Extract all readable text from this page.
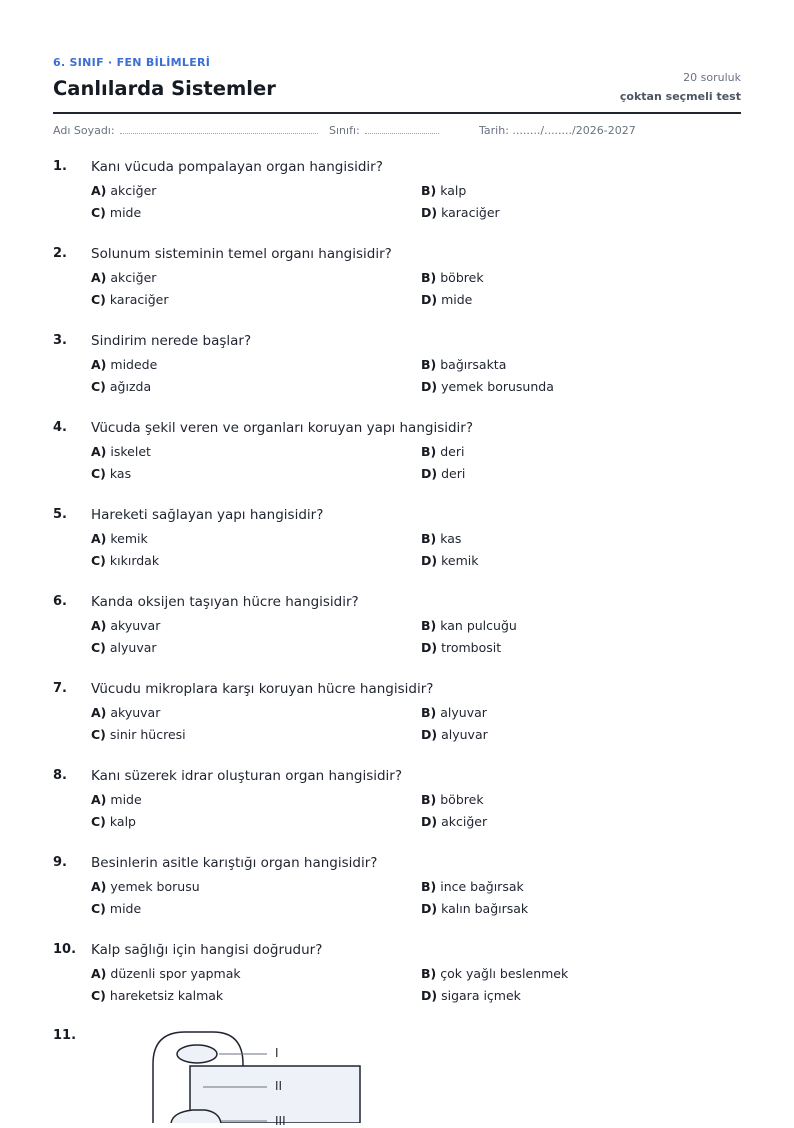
6. SINIF · FEN BİLİMLERİ
Canlılarda Sistemler	20 soruluk
çoktan seçmeli test
Adı Soyadı:	Sınıfı:	Tarih: ......../......../2026-2027
1. Kanı vücuda pompalayan organ hangisidir?
A) akciğer	B) kalp
C) mide	D) karaciğer
2. Solunum sisteminin temel organı hangisidir?
A) akciğer	B) böbrek
C) karaciğer	D) mide
3. Sindirim nerede başlar?
A) midede	B) bağırsakta
C) ağızda	D) yemek borusunda
4. Vücuda şekil veren ve organları koruyan yapı hangisidir?
A) iskelet	B) deri
C) kas	D) deri
5. Hareketi sağlayan yapı hangisidir?
A) kemik	B) kas
C) kıkırdak	D) kemik
6. Kanda oksijen taşıyan hücre hangisidir?
A) akyuvar	B) kan pulcuğu
C) alyuvar	D) trombosit
7. Vücudu mikroplara karşı koruyan hücre hangisidir?
A) akyuvar	B) alyuvar
C) sinir hücresi	D) alyuvar
8. Kanı süzerek idrar oluşturan organ hangisidir?
A) mide	B) böbrek
C) kalp	D) akciğer
9. Besinlerin asitle karıştığı organ hangisidir?
A) yemek borusu	B) ince bağırsak
C) mide	D) kalın bağırsak
10. Kalp sağlığı için hangisi doğrudur?
A) düzenli spor yapmak	B) çok yağlı beslenmek
C) hareketsiz kalmak	D) sigara içmek
11.
I
II
III
